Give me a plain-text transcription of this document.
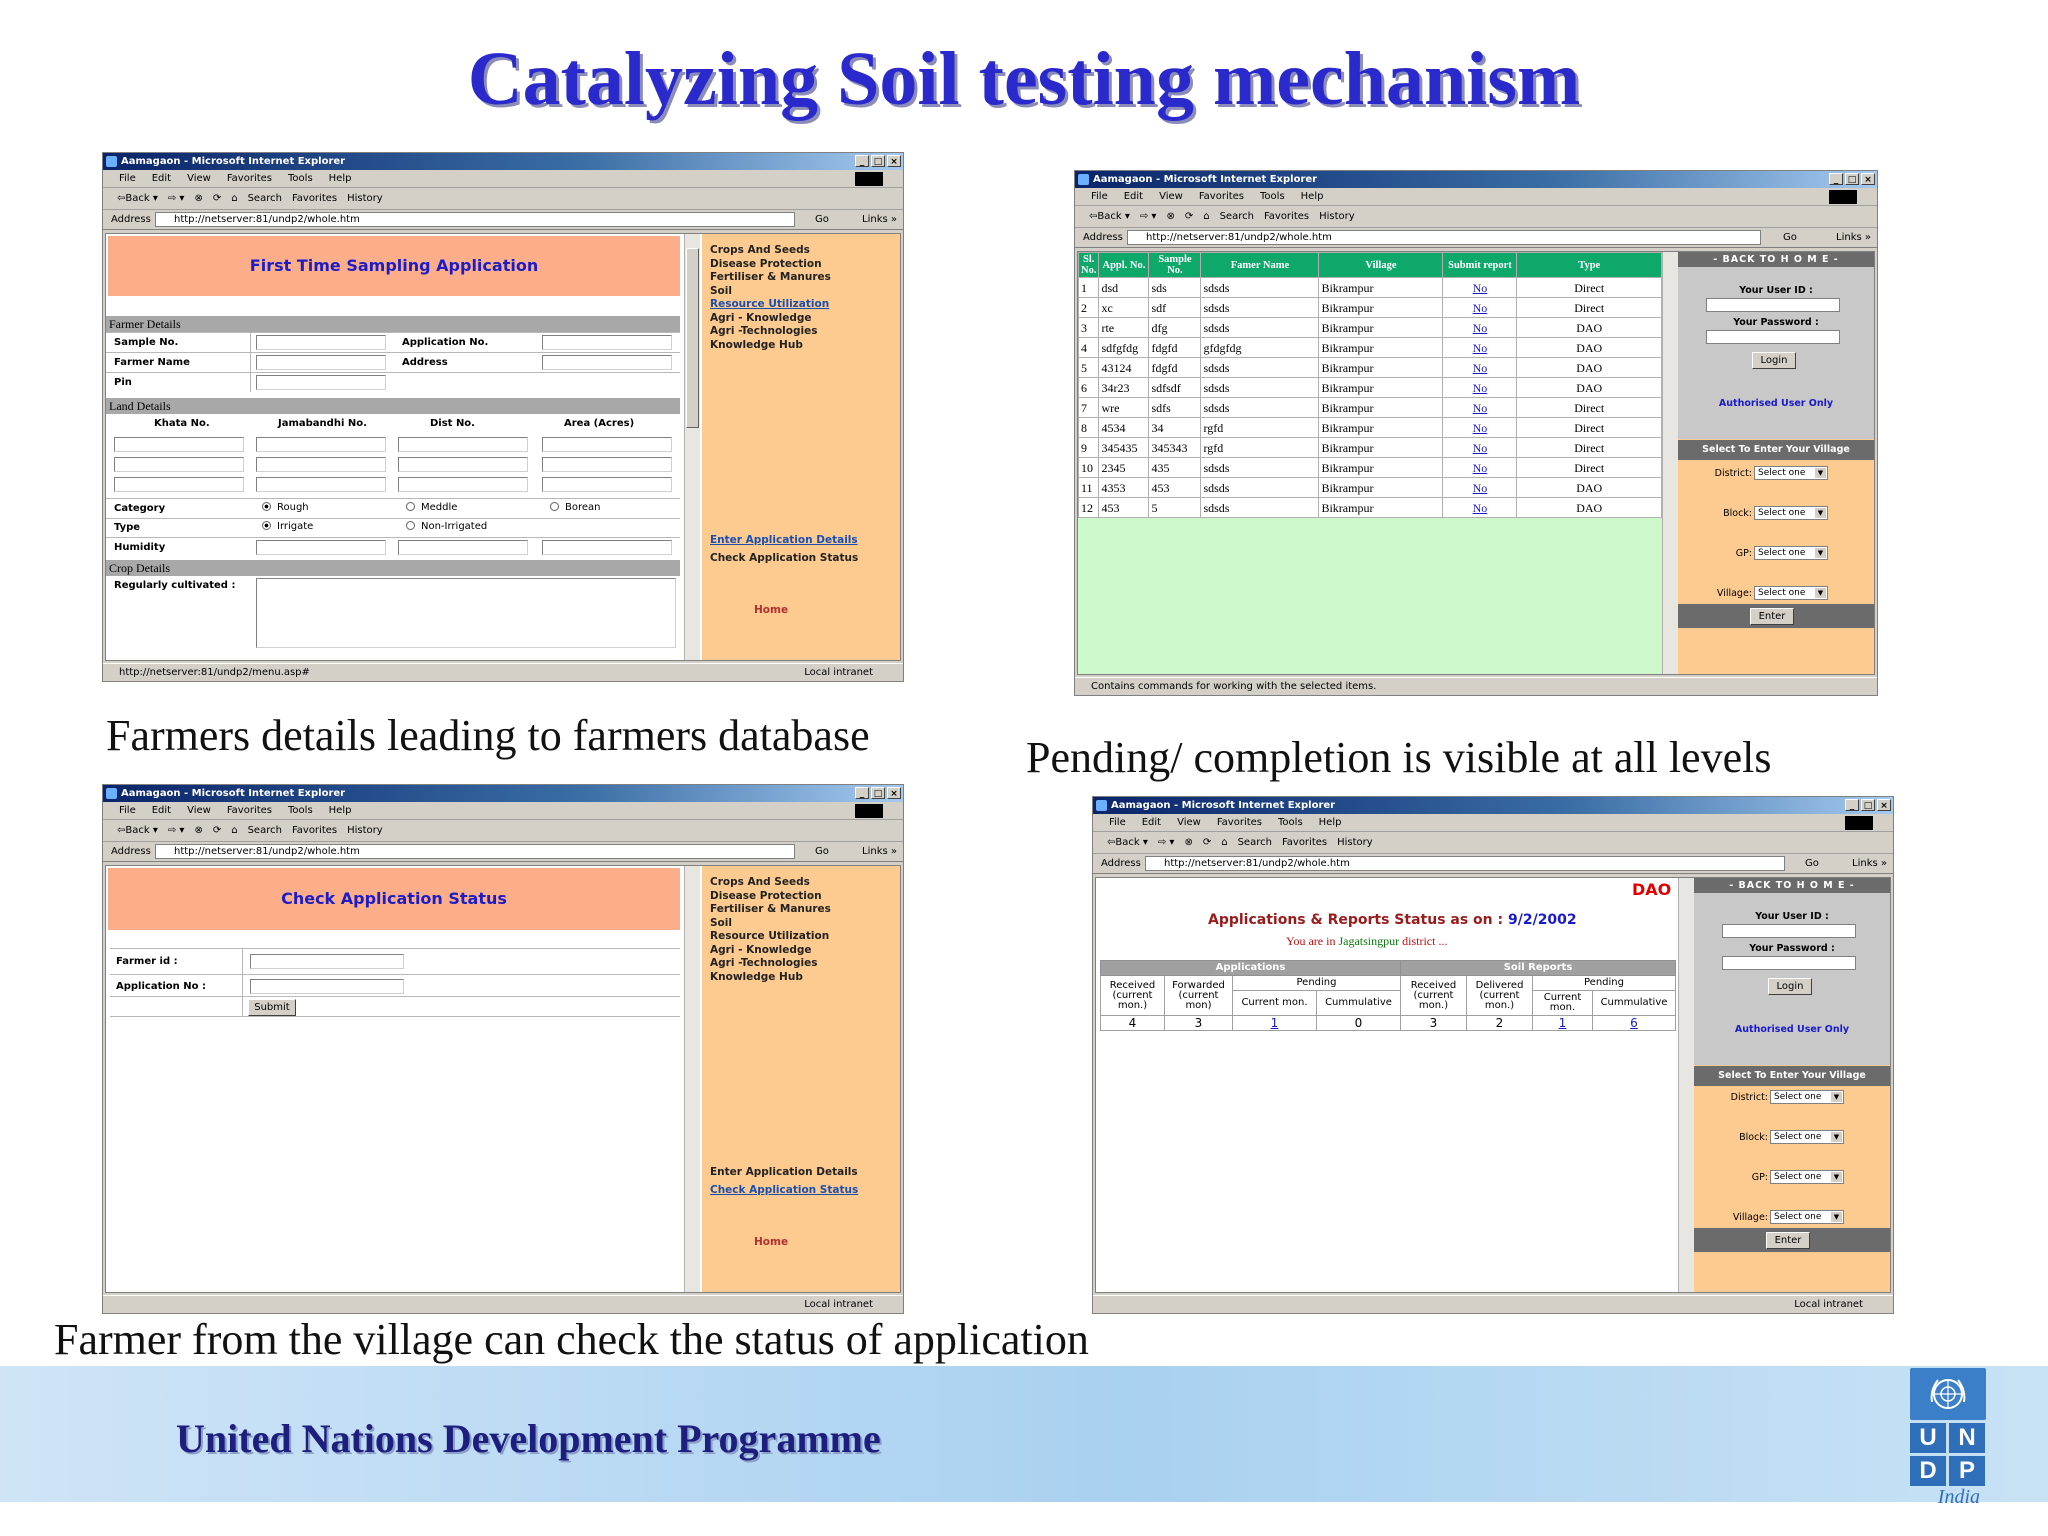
Catalyzing Soil testing mechanism
Aamagaon - Microsoft Internet Explorer	_	□ ×
File Edit View Favorites Tools Help
⇦Back ▾ ⇨ ▾ ⊗ ⟳ ⌂ Search Favorites History
Address	http://netserver:81/undp2/whole.htm	Go	Links »
First Time Sampling Application
Farmer Details
Sample No.	Application No.
Farmer Name	Address
Pin
Land Details
Khata No.	Jamabandhi No.	Dist No.	Area (Acres)
Category	Rough	Meddle	Borean
Type	Irrigate	Non-Irrigated
Humidity
Crop Details
Regularly cultivated :
Crops And Seeds
Disease Protection
Fertiliser & Manures
Soil
Resource Utilization
Agri - Knowledge
Agri -Technologies
Knowledge Hub
Enter Application Details
Check Application Status
Home
http://netserver:81/undp2/menu.asp#	Local intranet
Aamagaon - Microsoft Internet Explorer	_	□ ×
File Edit View Favorites Tools Help
⇦Back ▾ ⇨ ▾ ⊗ ⟳ ⌂ Search Favorites History
Address	http://netserver:81/undp2/whole.htm	Go	Links »
Sl. No.	Appl. No.	Sample No.	Famer Name	Village	Submit report	Type
1	dsd	sds	sdsds	Bikrampur	No	Direct
2	xc	sdf	sdsds	Bikrampur	No	Direct
3	rte	dfg	sdsds	Bikrampur	No	DAO
4	sdfgfdg	fdgfd	gfdgfdg	Bikrampur	No	DAO
5	43124	fdgfd	sdsds	Bikrampur	No	DAO
6	34r23	sdfsdf	sdsds	Bikrampur	No	DAO
7	wre	sdfs	sdsds	Bikrampur	No	Direct
8	4534	34	rgfd	Bikrampur	No	Direct
9	345435	345343	rgfd	Bikrampur	No	Direct
10	2345	435	sdsds	Bikrampur	No	Direct
11	4353	453	sdsds	Bikrampur	No	DAO
12	453	5	sdsds	Bikrampur	No	DAO
- BACK TO H O M E -
Your User ID :
Your Password :
Login
Authorised User Only
Select To Enter Your Village
District: Select one	▼
Block: Select one	▼
GP: Select one	▼
Village: Select one	▼
Enter
Contains commands for working with the selected items.
Farmers details leading to farmers database	Pending/ completion is visible at all levels
Aamagaon - Microsoft Internet Explorer	_	□ ×
File Edit View Favorites Tools Help
⇦Back ▾ ⇨ ▾ ⊗ ⟳ ⌂ Search Favorites History
Address	http://netserver:81/undp2/whole.htm	Go	Links »
Check Application Status
Farmer id :
Application No :
Submit
Crops And Seeds
Disease Protection
Fertiliser & Manures
Soil
Resource Utilization
Agri - Knowledge
Agri -Technologies
Knowledge Hub
Enter Application Details
Check Application Status
Home
Local intranet
Aamagaon - Microsoft Internet Explorer	_	□ ×
File Edit View Favorites Tools Help
⇦Back ▾ ⇨ ▾ ⊗ ⟳ ⌂ Search Favorites History
Address	http://netserver:81/undp2/whole.htm	Go	Links »
DAO
Applications & Reports Status as on : 9/2/2002
You are in Jagatsingpur district ...
Applications				Soil Reports			
Received (current mon.)	Forwarded (current mon)	Pending		Received (current mon.)	Delivered (current mon.)	Pending	
		Current mon.	Cummulative			Current mon.	Cummulative
4	3	1	0	3	2	1	6
- BACK TO H O M E -
Your User ID :
Your Password :
Login
Authorised User Only
Select To Enter Your Village
District: Select one	▼
Block: Select one	▼
GP: Select one	▼
Village: Select one	▼
Enter
Local intranet
Farmer from the village can check the status of application
United Nations Development Programme	U N
D P
India
